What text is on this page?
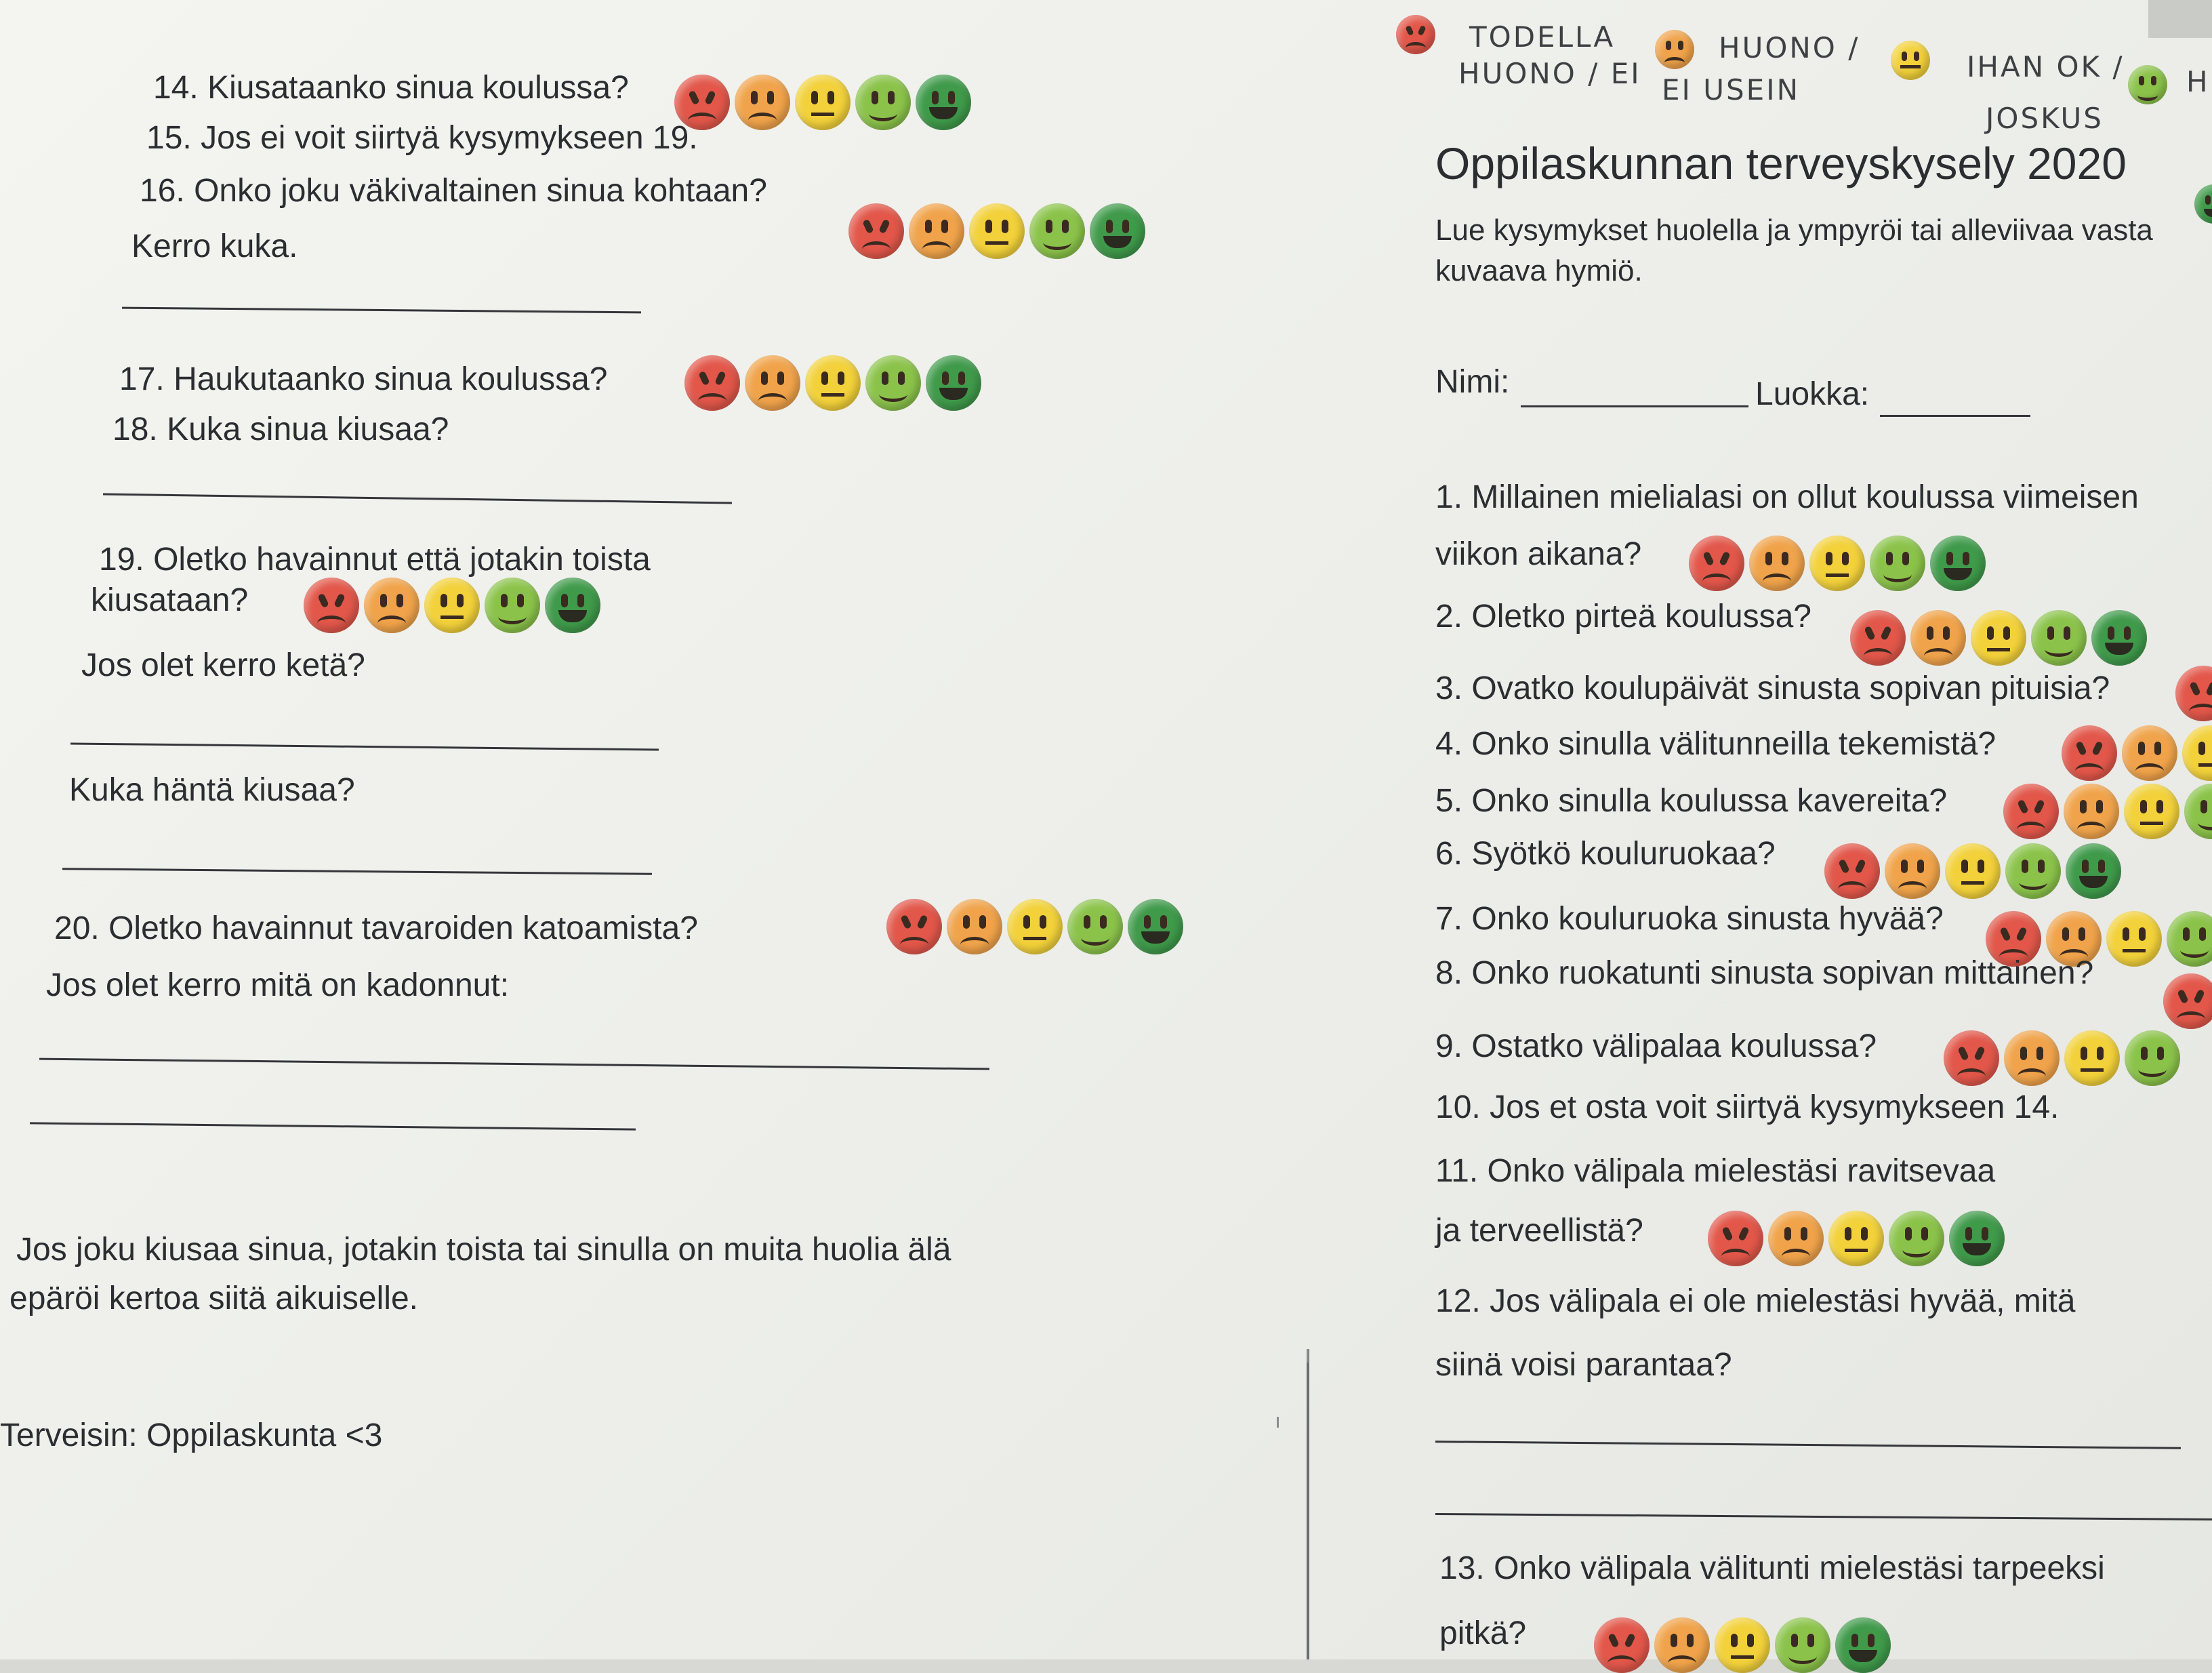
TODELLA
HUONO / EI
HUONO /
EI USEIN
IHAN OK /
JOSKUS
H
14. Kiusataanko sinua koulussa?
15. Jos ei voit siirtyä kysymykseen 19.
16. Onko joku väkivaltainen sinua kohtaan?
Kerro kuka.
17. Haukutaanko sinua koulussa?
18. Kuka sinua kiusaa?
19. Oletko havainnut että jotakin toista
kiusataan?
Jos olet kerro ketä?
Kuka häntä kiusaa?
20. Oletko havainnut tavaroiden katoamista?
Jos olet kerro mitä on kadonnut:
Jos joku kiusaa sinua, jotakin toista tai sinulla on muita huolia älä
epäröi kertoa siitä aikuiselle.
Terveisin: Oppilaskunta <3
Oppilaskunnan terveyskysely 2020
Lue kysymykset huolella ja ympyröi tai alleviivaa vasta
kuvaava hymiö.
Nimi:	Luokka:
1. Millainen mielialasi on ollut koulussa viimeisen
viikon aikana?
2. Oletko pirteä koulussa?
3. Ovatko koulupäivät sinusta sopivan pituisia?
4. Onko sinulla välitunneilla tekemistä?
5. Onko sinulla koulussa kavereita?
6. Syötkö kouluruokaa?
7. Onko kouluruoka sinusta hyvää?
8. Onko ruokatunti sinusta sopivan mittainen?
9. Ostatko välipalaa koulussa?
10. Jos et osta voit siirtyä kysymykseen 14.
11. Onko välipala mielestäsi ravitsevaa
ja terveellistä?
12. Jos välipala ei ole mielestäsi hyvää, mitä
siinä voisi parantaa?
13. Onko välipala välitunti mielestäsi tarpeeksi
pitkä?
